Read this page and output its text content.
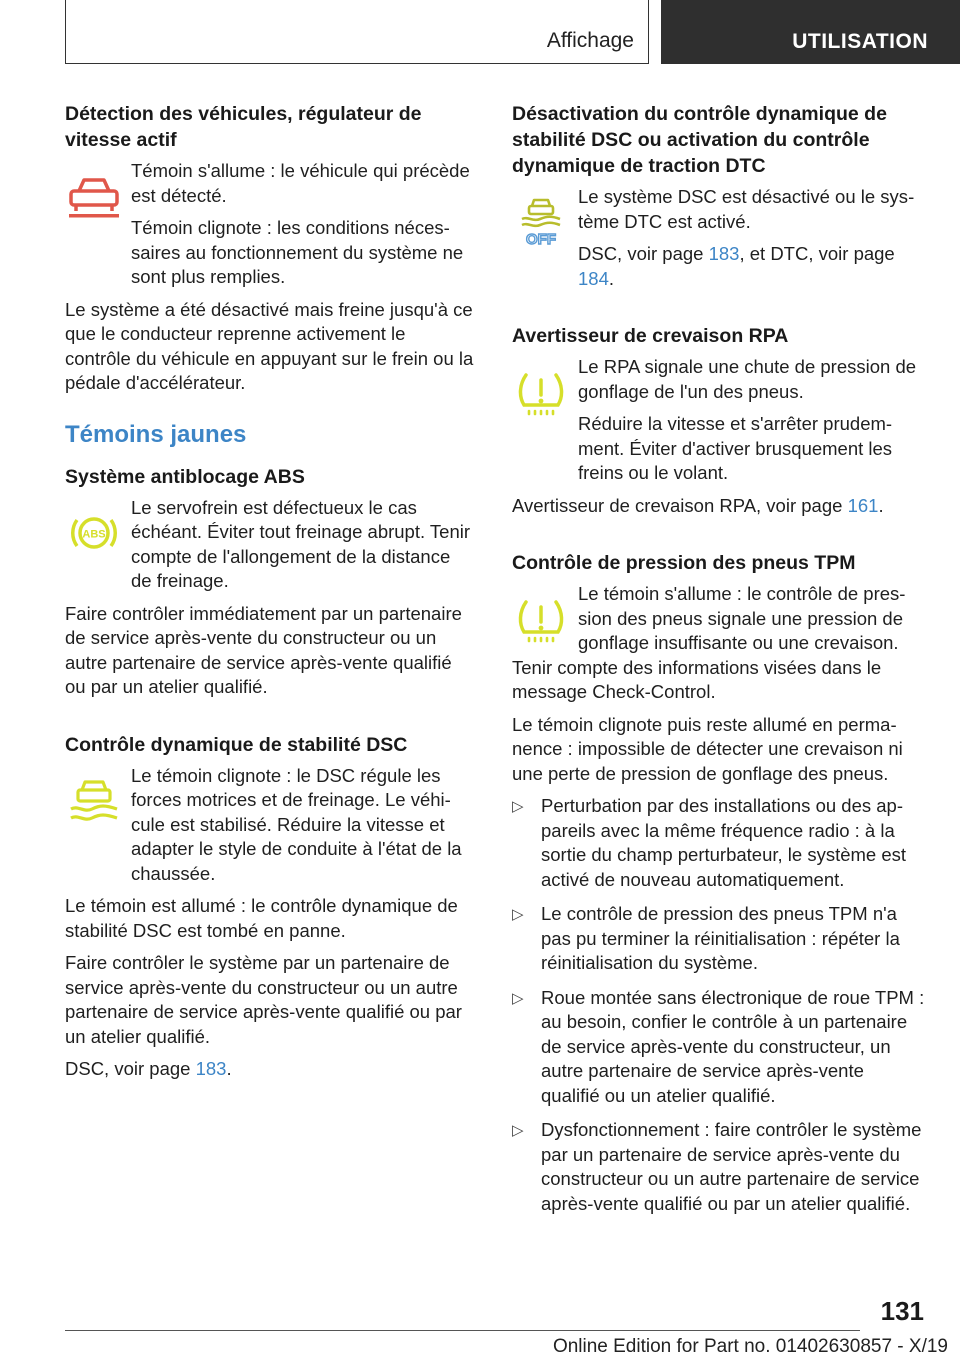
Affichage	UTILISATION
Détection des véhicules, régulateur de vitesse actif

Témoin s'allume : le véhicule qui précède est détecté.

Témoin clignote : les conditions nécessaires au fonctionnement du système ne sont plus remplies.

Le système a été désactivé mais freine jusqu'à ce que le conducteur reprenne activement le contrôle du véhicule en appuyant sur le frein ou la pédale d'accélérateur.

Témoins jaunes
Système antiblocage ABS
ABS

Le servofrein est défectueux le cas échéant. Éviter tout freinage abrupt. Tenir compte de l'allongement de la distance de freinage.

Faire contrôler immédiatement par un partenaire de service après-vente du constructeur ou un autre partenaire de service après-vente qualifié ou par un atelier qualifié.

Contrôle dynamique de stabilité DSC

Le témoin clignote : le DSC régule les forces motrices et de freinage. Le véhicule est stabilisé. Réduire la vitesse et adapter le style de conduite à l'état de la chaussée.

Le témoin est allumé : le contrôle dynamique de stabilité DSC est tombé en panne.

Faire contrôler le système par un partenaire de service après-vente du constructeur ou un autre partenaire de service après-vente qualifié ou par un atelier qualifié.

DSC, voir page 183.

Désactivation du contrôle dynamique de stabilité DSC ou activation du contrôle dynamique de traction DTC
OFF

Le système DSC est désactivé ou le système DTC est activé.

DSC, voir page 183, et DTC, voir page 184.

Avertisseur de crevaison RPA

Le RPA signale une chute de pression de gonflage de l'un des pneus.

Réduire la vitesse et s'arrêter prudemment. Éviter d'activer brusquement les freins ou le volant.

Avertisseur de crevaison RPA, voir page 161.

Contrôle de pression des pneus TPM

Le témoin s'allume : le contrôle de pression des pneus signale une pression de gonflage insuffisante ou une crevaison. Tenir compte des informations visées dans le message Check-Control.

Le témoin clignote puis reste allumé en permanence : impossible de détecter une crevaison ni une perte de pression de gonflage des pneus.

▷ Perturbation par des installations ou des appareils avec la même fréquence radio : à la sortie du champ perturbateur, le système est activé de nouveau automatiquement.
▷ Le contrôle de pression des pneus TPM n'a pas pu terminer la réinitialisation : répéter la réinitialisation du système.
▷ Roue montée sans électronique de roue TPM : au besoin, confier le contrôle à un partenaire de service après-vente du constructeur, un autre partenaire de service après-vente qualifié ou un atelier qualifié.
▷ Dysfonctionnement : faire contrôler le système par un partenaire de service après-vente du constructeur ou un autre partenaire de service après-vente qualifié ou par un atelier qualifié.
131
Online Edition for Part no. 01402630857 - X/19
